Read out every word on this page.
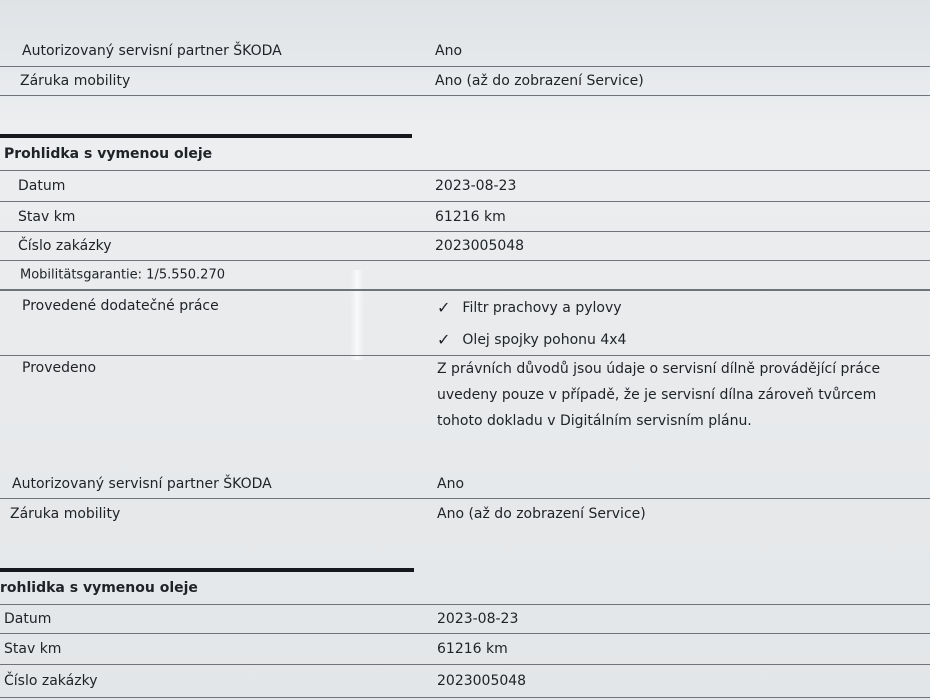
Autorizovaný servisní partner ŠKODA	Ano
Záruka mobility	Ano (až do zobrazení Service)
Prohlidka s vymenou oleje
Datum	2023-08-23
Stav km	61216 km
Číslo zakázky	2023005048
Mobilitätsgarantie: 1/5.550.270
Provedené dodatečné práce	✓ Filtr prachovy a pylovy
✓ Olej spojky pohonu 4x4
Provedeno	Z právních důvodů jsou údaje o servisní dílně provádějící práce uvedeny pouze v případě, že je servisní dílna zároveň tvůrcem tohoto dokladu v Digitálním servisním plánu.
Autorizovaný servisní partner ŠKODA	Ano
Záruka mobility	Ano (až do zobrazení Service)
rohlidka s vymenou oleje
Datum	2023-08-23
Stav km	61216 km
Číslo zakázky	2023005048
